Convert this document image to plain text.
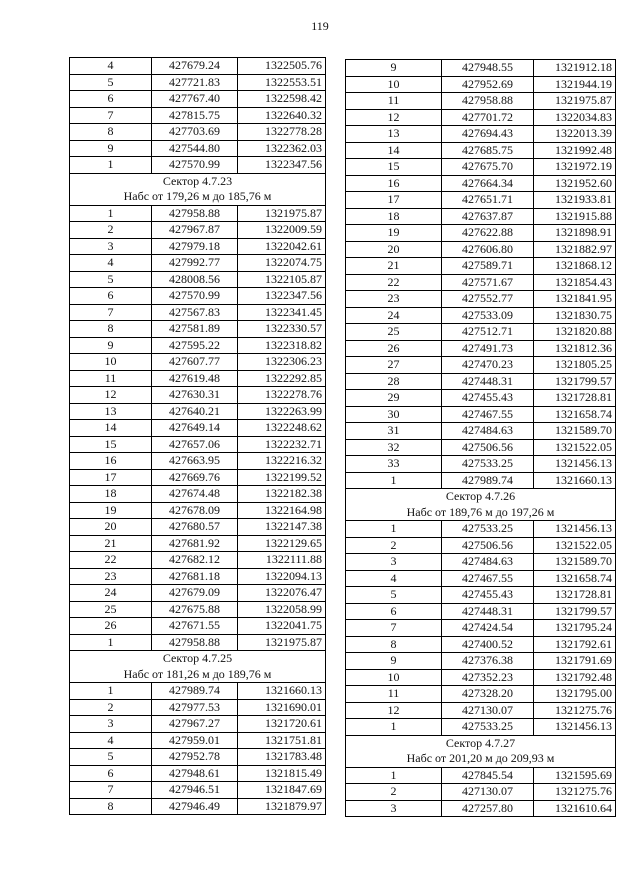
119
4	427679.24	1322505.76
5	427721.83	1322553.51
6	427767.40	1322598.42
7	427815.75	1322640.32
8	427703.69	1322778.28
9	427544.80	1322362.03
1	427570.99	1322347.56
Сектор 4.7.23		
Набс от 179,26 м до 185,76 м		
1	427958.88	1321975.87
2	427967.87	1322009.59
3	427979.18	1322042.61
4	427992.77	1322074.75
5	428008.56	1322105.87
6	427570.99	1322347.56
7	427567.83	1322341.45
8	427581.89	1322330.57
9	427595.22	1322318.82
10	427607.77	1322306.23
11	427619.48	1322292.85
12	427630.31	1322278.76
13	427640.21	1322263.99
14	427649.14	1322248.62
15	427657.06	1322232.71
16	427663.95	1322216.32
17	427669.76	1322199.52
18	427674.48	1322182.38
19	427678.09	1322164.98
20	427680.57	1322147.38
21	427681.92	1322129.65
22	427682.12	1322111.88
23	427681.18	1322094.13
24	427679.09	1322076.47
25	427675.88	1322058.99
26	427671.55	1322041.75
1	427958.88	1321975.87
Сектор 4.7.25		
Набс от 181,26 м до 189,76 м		
1	427989.74	1321660.13
2	427977.53	1321690.01
3	427967.27	1321720.61
4	427959.01	1321751.81
5	427952.78	1321783.48
6	427948.61	1321815.49
7	427946.51	1321847.69
8	427946.49	1321879.97
9	427948.55	1321912.18
10	427952.69	1321944.19
11	427958.88	1321975.87
12	427701.72	1322034.83
13	427694.43	1322013.39
14	427685.75	1321992.48
15	427675.70	1321972.19
16	427664.34	1321952.60
17	427651.71	1321933.81
18	427637.87	1321915.88
19	427622.88	1321898.91
20	427606.80	1321882.97
21	427589.71	1321868.12
22	427571.67	1321854.43
23	427552.77	1321841.95
24	427533.09	1321830.75
25	427512.71	1321820.88
26	427491.73	1321812.36
27	427470.23	1321805.25
28	427448.31	1321799.57
29	427455.43	1321728.81
30	427467.55	1321658.74
31	427484.63	1321589.70
32	427506.56	1321522.05
33	427533.25	1321456.13
1	427989.74	1321660.13
Сектор 4.7.26		
Набс от 189,76 м до 197,26 м		
1	427533.25	1321456.13
2	427506.56	1321522.05
3	427484.63	1321589.70
4	427467.55	1321658.74
5	427455.43	1321728.81
6	427448.31	1321799.57
7	427424.54	1321795.24
8	427400.52	1321792.61
9	427376.38	1321791.69
10	427352.23	1321792.48
11	427328.20	1321795.00
12	427130.07	1321275.76
1	427533.25	1321456.13
Сектор 4.7.27		
Набс от 201,20 м до 209,93 м		
1	427845.54	1321595.69
2	427130.07	1321275.76
3	427257.80	1321610.64
